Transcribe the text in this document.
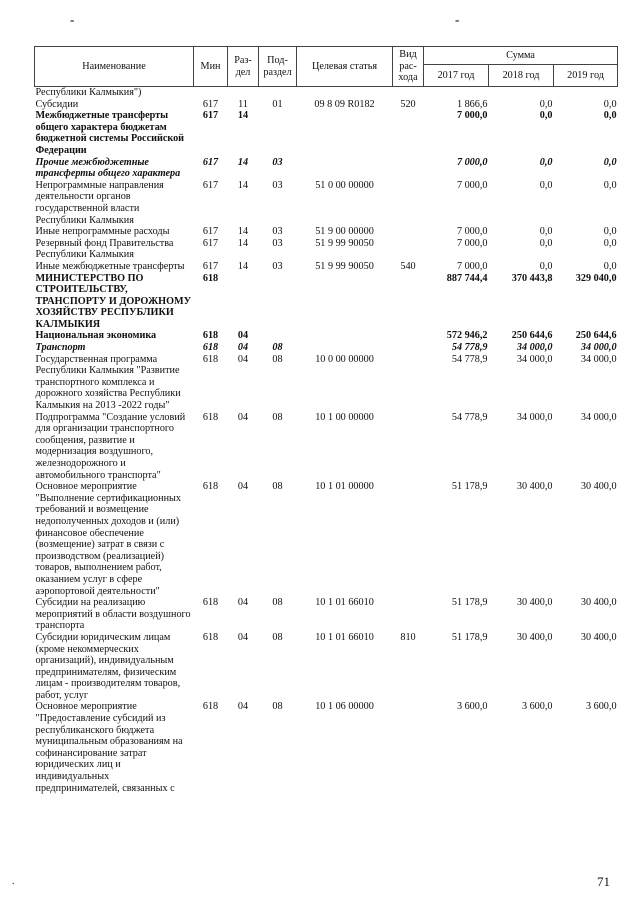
-	-
Наименование	Мин	Раз-дел	Под-раздел	Целевая статья	Вид рас-хода	Сумма		
						2017 год	2018 год	2019 год
Республики Калмыкия")								
Субсидии	617	11	01	09 8 09 R0182	520	1 866,6	0,0	0,0
Межбюджетные трансферты общего характера бюджетам бюджетной системы Российской Федерации	617	14				7 000,0	0,0	0,0
Прочие межбюджетные трансферты общего характера	617	14	03			7 000,0	0,0	0,0
Непрограммные направления деятельности органов государственной власти Республики Калмыкия	617	14	03	51 0 00 00000		7 000,0	0,0	0,0
Иные непрограммные расходы	617	14	03	51 9 00 00000		7 000,0	0,0	0,0
Резервный фонд Правительства Республики Калмыкия	617	14	03	51 9 99 90050		7 000,0	0,0	0,0
Иные межбюджетные трансферты	617	14	03	51 9 99 90050	540	7 000,0	0,0	0,0
МИНИСТЕРСТВО ПО СТРОИТЕЛЬСТВУ, ТРАНСПОРТУ И ДОРОЖНОМУ ХОЗЯЙСТВУ РЕСПУБЛИКИ КАЛМЫКИЯ	618					887 744,4	370 443,8	329 040,0
Национальная экономика	618	04				572 946,2	250 644,6	250 644,6
Транспорт	618	04	08			54 778,9	34 000,0	34 000,0
Государственная программа Республики Калмыкия "Развитие транспортного комплекса и дорожного хозяйства Республики Калмыкия на 2013 -2022 годы"	618	04	08	10 0 00 00000		54 778,9	34 000,0	34 000,0
Подпрограмма "Создание условий для организации транспортного сообщения, развитие и модернизация воздушного, железнодорожного и автомобильного транспорта"	618	04	08	10 1 00 00000		54 778,9	34 000,0	34 000,0
Основное мероприятие "Выполнение сертификационных требований и возмещение недополученных доходов и (или) финансовое обеспечение (возмещение) затрат в связи с производством (реализацией) товаров, выполнением работ, оказанием услуг в сфере аэропортовой деятельности"	618	04	08	10 1 01 00000		51 178,9	30 400,0	30 400,0
Субсидии на реализацию мероприятий в области воздушного транспорта	618	04	08	10 1 01 66010		51 178,9	30 400,0	30 400,0
Субсидии юридическим лицам (кроме некоммерческих организаций), индивидуальным предпринимателям, физическим лицам - производителям товаров, работ, услуг	618	04	08	10 1 01 66010	810	51 178,9	30 400,0	30 400,0
Основное мероприятие "Предоставление субсидий из республиканского бюджета муниципальным образованиям на софинансирование затрат юридических лиц и индивидуальных предпринимателей, связанных с	618	04	08	10 1 06 00000		3 600,0	3 600,0	3 600,0
.	71
